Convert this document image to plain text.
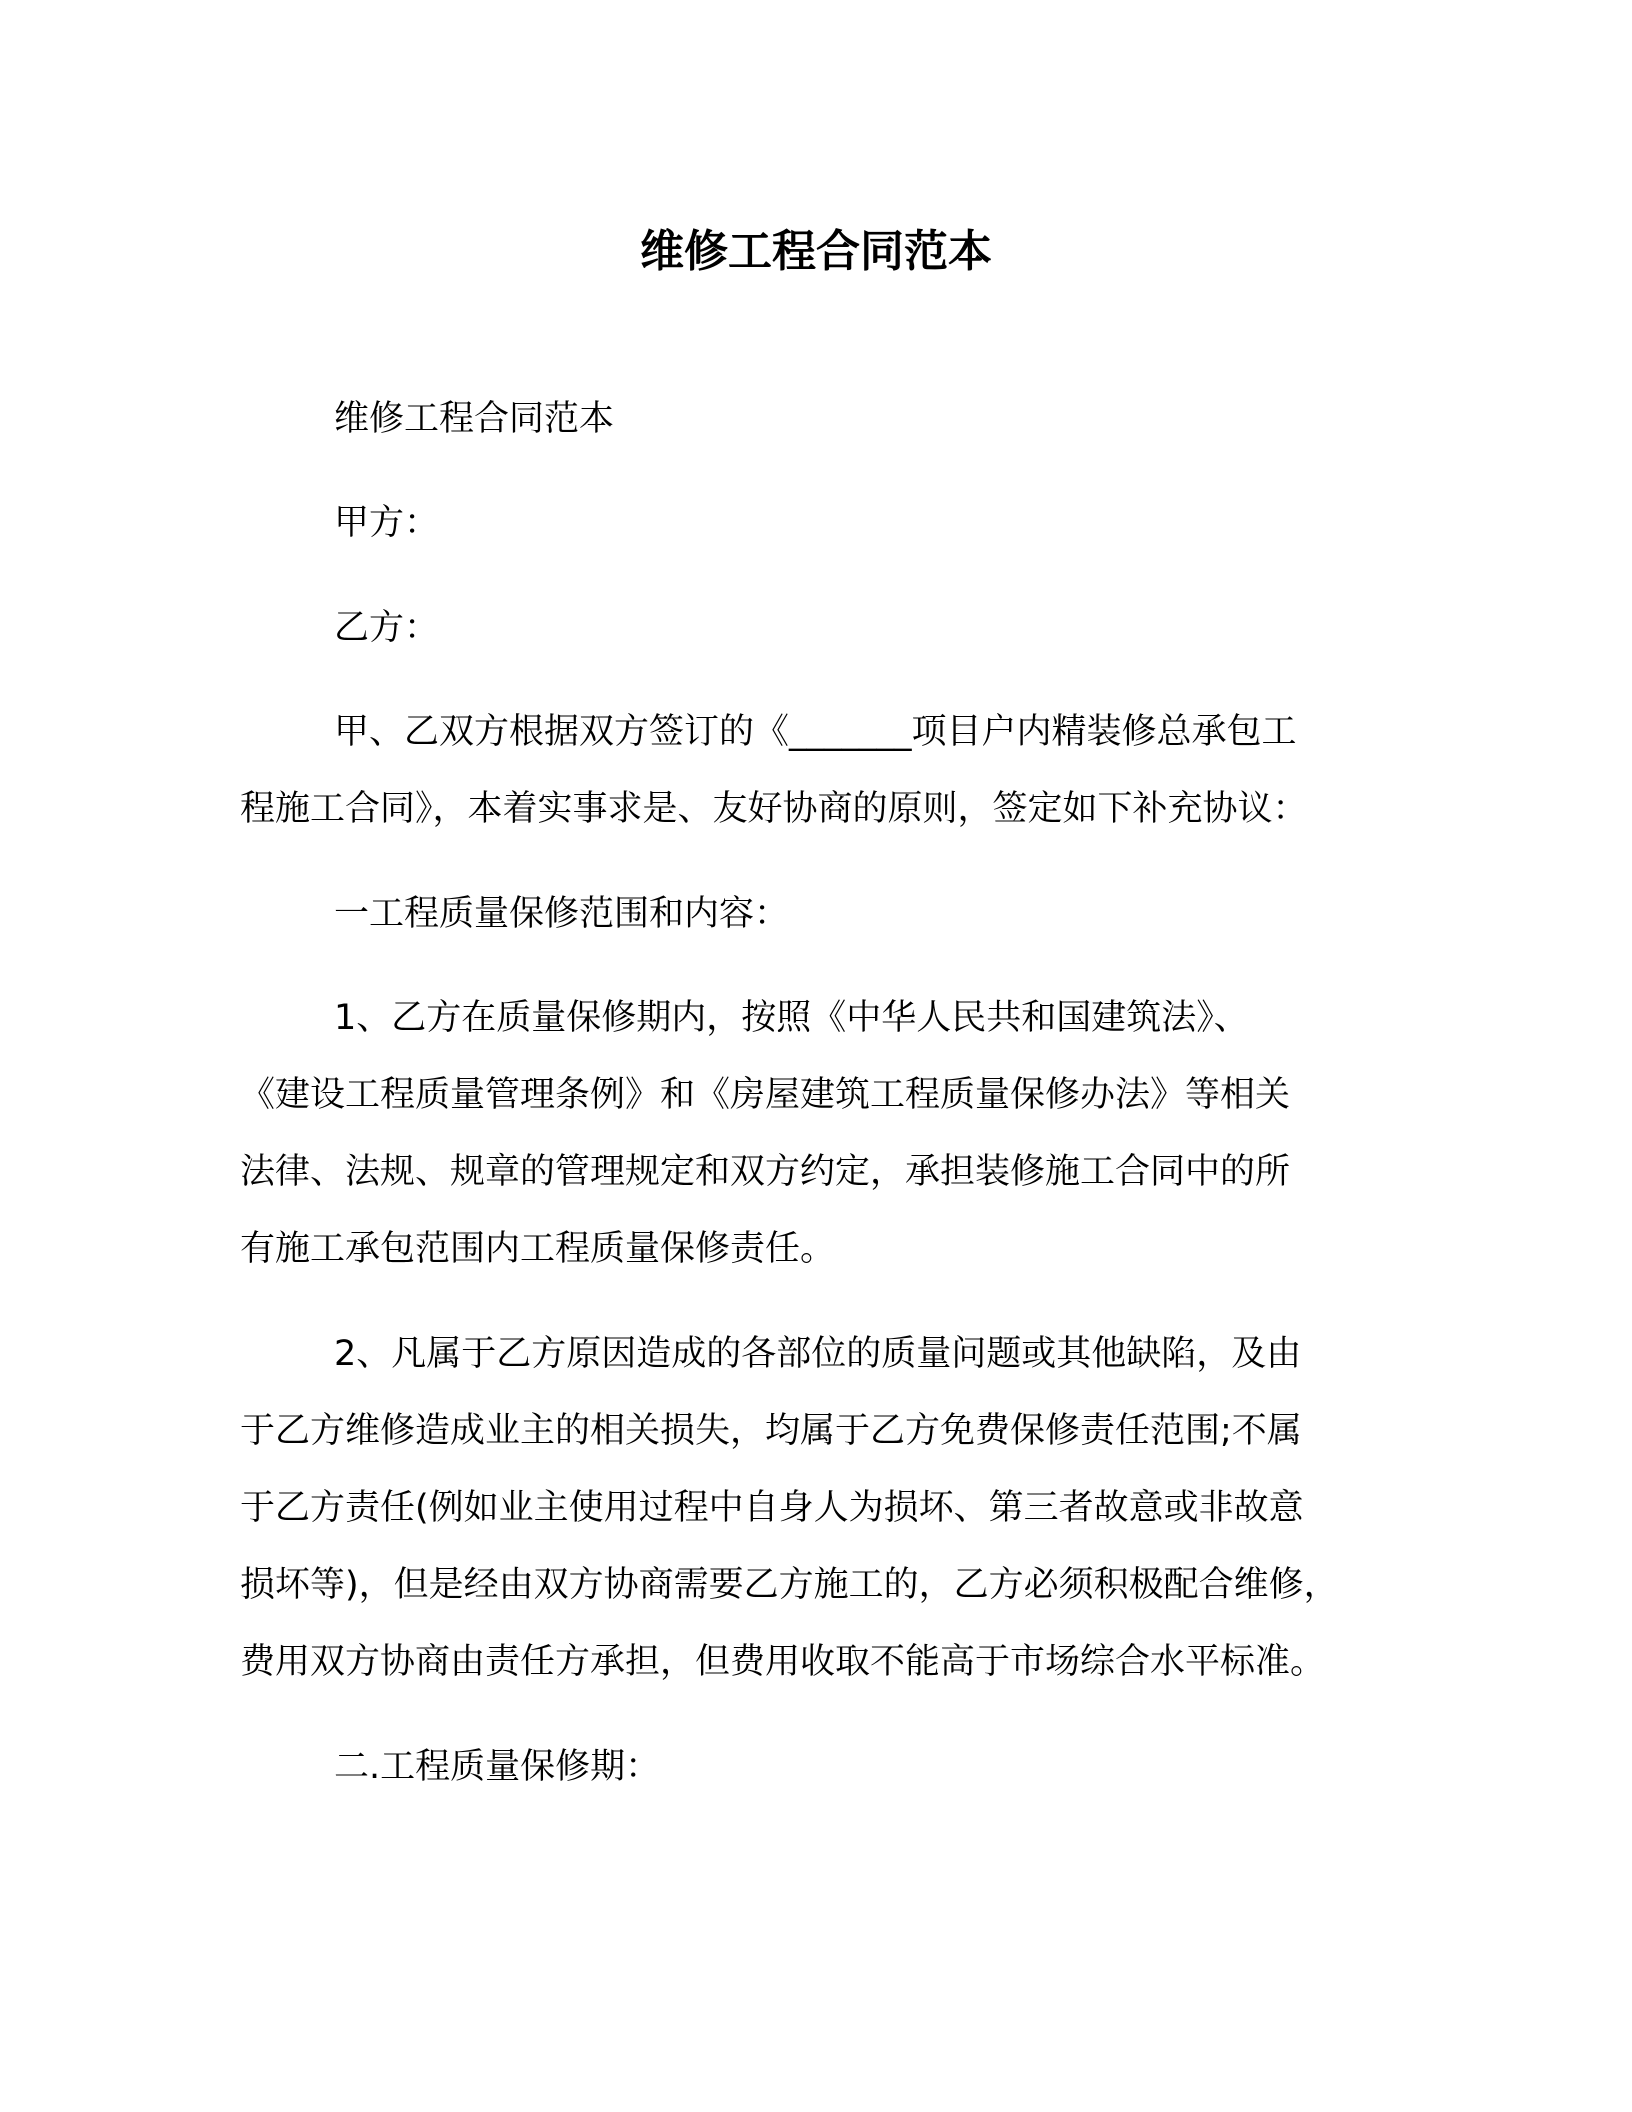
维修工程合同范本
维修工程合同范本
甲方：
乙方：
甲、乙双方根据双方签订的《_______项目户内精装修总承包工
程施工合同》，本着实事求是、友好协商的原则，签定如下补充协议：
一工程质量保修范围和内容：
1、乙方在质量保修期内，按照《中华人民共和国建筑法》、
《建设工程质量管理条例》和《房屋建筑工程质量保修办法》等相关
法律、法规、规章的管理规定和双方约定，承担装修施工合同中的所
有施工承包范围内工程质量保修责任。
2、凡属于乙方原因造成的各部位的质量问题或其他缺陷，及由
于乙方维修造成业主的相关损失，均属于乙方免费保修责任范围;不属
于乙方责任(例如业主使用过程中自身人为损坏、第三者故意或非故意
损坏等)，但是经由双方协商需要乙方施工的，乙方必须积极配合维修，
费用双方协商由责任方承担，但费用收取不能高于市场综合水平标准。
二.工程质量保修期：
